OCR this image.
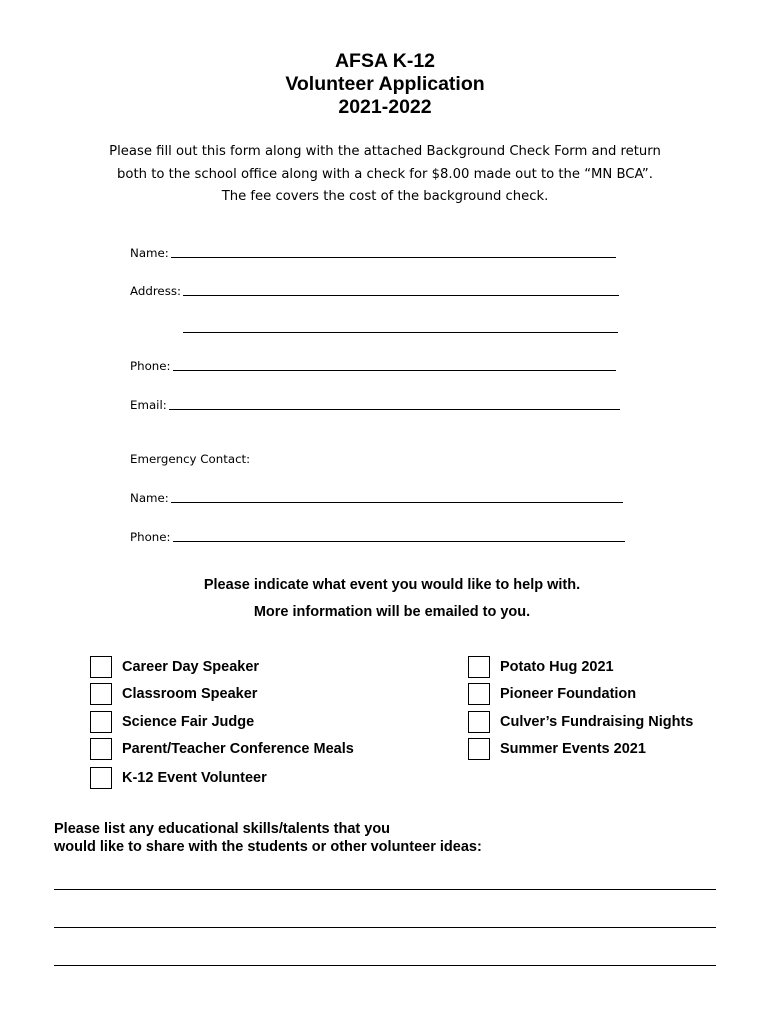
AFSA K-12
Volunteer Application
2021-2022
Please fill out this form along with the attached Background Check Form and return
both to the school office along with a check for $8.00 made out to the “MN BCA”.
The fee covers the cost of the background check.
Name:
Address:
Phone:
Email:
Emergency Contact:
Name:
Phone:
Please indicate what event you would like to help with.
More information will be emailed to you.
Career Day Speaker
Classroom Speaker
Science Fair Judge
Parent/Teacher Conference Meals
K-12 Event Volunteer
Potato Hug 2021
Pioneer Foundation
Culver’s Fundraising Nights
Summer Events 2021
Please list any educational skills/talents that you
would like to share with the students or other volunteer ideas:
